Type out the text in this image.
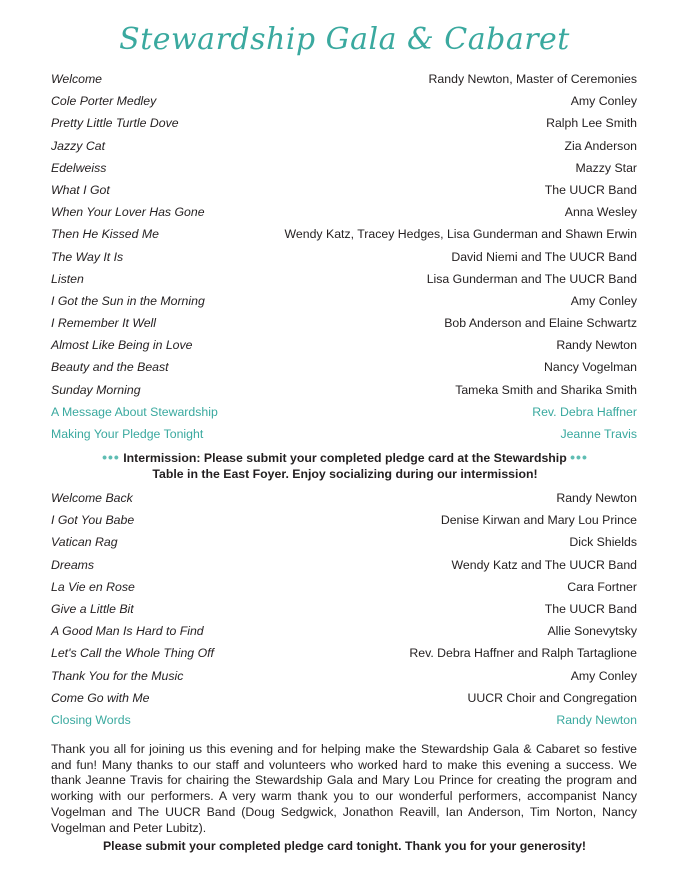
Stewardship Gala & Cabaret
Welcome	Randy Newton, Master of Ceremonies
Cole Porter Medley	Amy Conley
Pretty Little Turtle Dove	Ralph Lee Smith
Jazzy Cat	Zia Anderson
Edelweiss	Mazzy Star
What I Got	The UUCR Band
When Your Lover Has Gone	Anna Wesley
Then He Kissed Me	Wendy Katz, Tracey Hedges, Lisa Gunderman and Shawn Erwin
The Way It Is	David Niemi and The UUCR Band
Listen	Lisa Gunderman and The UUCR Band
I Got the Sun in the Morning	Amy Conley
I Remember It Well	Bob Anderson and Elaine Schwartz
Almost Like Being in Love	Randy Newton
Beauty and the Beast	Nancy Vogelman
Sunday Morning	Tameka Smith and Sharika Smith
A Message About Stewardship	Rev. Debra Haffner
Making Your Pledge Tonight	Jeanne Travis
••• Intermission: Please submit your completed pledge card at the Stewardship •••
Table in the East Foyer. Enjoy socializing during our intermission!
Welcome Back	Randy Newton
I Got You Babe	Denise Kirwan and Mary Lou Prince
Vatican Rag	Dick Shields
Dreams	Wendy Katz and The UUCR Band
La Vie en Rose	Cara Fortner
Give a Little Bit	The UUCR Band
A Good Man Is Hard to Find	Allie Sonevytsky
Let's Call the Whole Thing Off	Rev. Debra Haffner and Ralph Tartaglione
Thank You for the Music	Amy Conley
Come Go with Me	UUCR Choir and Congregation
Closing Words	Randy Newton
Thank you all for joining us this evening and for helping make the Stewardship Gala & Cabaret so festive and fun! Many thanks to our staff and volunteers who worked hard to make this evening a success. We thank Jeanne Travis for chairing the Stewardship Gala and Mary Lou Prince for creating the program and working with our performers. A very warm thank you to our wonderful performers, accompanist Nancy Vogelman and The UUCR Band (Doug Sedgwick, Jonathon Reavill, Ian Anderson, Tim Norton, Nancy Vogelman and Peter Lubitz).
Please submit your completed pledge card tonight. Thank you for your generosity!
